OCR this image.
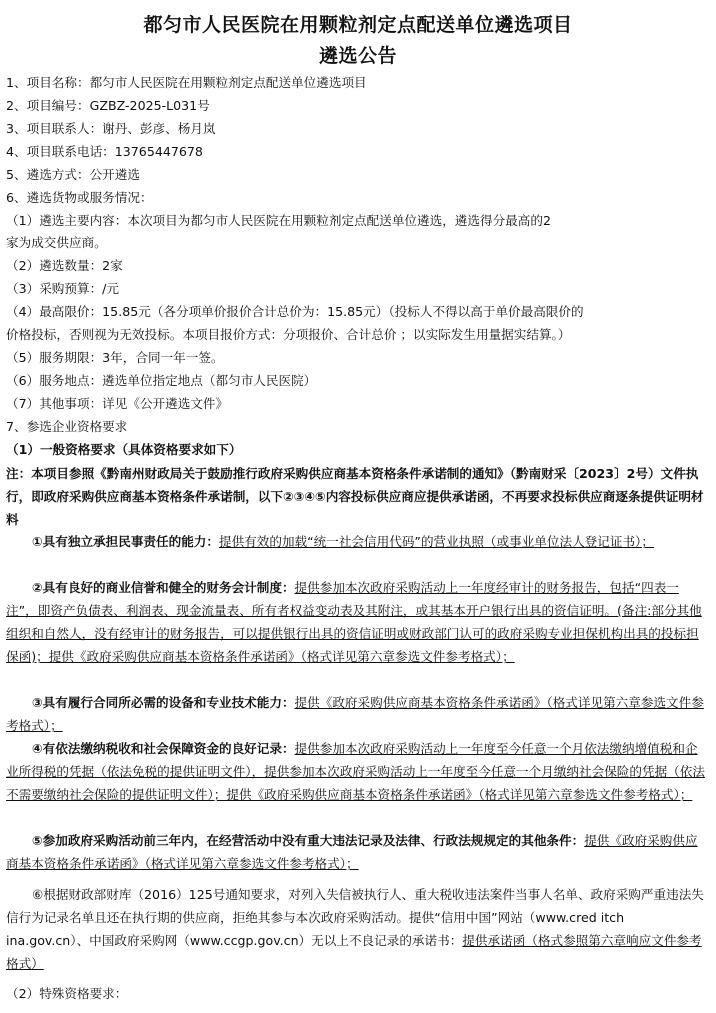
都匀市人民医院在用颗粒剂定点配送单位遴选项目
遴选公告
1、项目名称：都匀市人民医院在用颗粒剂定点配送单位遴选项目
2、项目编号：GZBZ-2025-L031号
3、项目联系人：谢丹、彭彦、杨月岚
4、项目联系电话：13765447678
5、遴选方式：公开遴选
6、遴选货物或服务情况：
（1）遴选主要内容：本次项目为都匀市人民医院在用颗粒剂定点配送单位遴选，遴选得分最高的2
家为成交供应商。
（2）遴选数量：2家
（3）采购预算：/元
（4）最高限价：15.85元（各分项单价报价合计总价为：15.85元）（投标人不得以高于单价最高限价的
价格投标，否则视为无效投标。本项目报价方式：分项报价、合计总价 ；以实际发生用量据实结算。）
（5）服务期限：3年，合同一年一签。
（6）服务地点：遴选单位指定地点（都匀市人民医院）
（7）其他事项：详见《公开遴选文件》
7、参选企业资格要求
（1）一般资格要求（具体资格要求如下）
注：本项目参照《黔南州财政局关于鼓励推行政府采购供应商基本资格条件承诺制的通知》（黔南财采〔2023〕2号）文件执行，即政府采购供应商基本资格条件承诺制，以下②③④⑤内容投标供应商应提供承诺函，不再要求投标供应商逐条提供证明材料
①具有独立承担民事责任的能力：提供有效的加载“统一社会信用代码”的营业执照（或事业单位法人登记证书）；
②具有良好的商业信誉和健全的财务会计制度：提供参加本次政府采购活动上一年度经审计的财务报告，包括“四表一注”，即资产负债表、利润表、现金流量表、所有者权益变动表及其附注，或其基本开户银行出具的资信证明。(备注:部分其他组织和自然人，没有经审计的财务报告，可以提供银行出具的资信证明或财政部门认可的政府采购专业担保机构出具的投标担保函)；提供《政府采购供应商基本资格条件承诺函》（格式详见第六章参选文件参考格式）；
③具有履行合同所必需的设备和专业技术能力：提供《政府采购供应商基本资格条件承诺函》（格式详见第六章参选文件参考格式）；
④有依法缴纳税收和社会保障资金的良好记录：提供参加本次政府采购活动上一年度至今任意一个月依法缴纳增值税和企业所得税的凭据（依法免税的提供证明文件），提供参加本次政府采购活动上一年度至今任意一个月缴纳社会保险的凭据（依法不需要缴纳社会保险的提供证明文件）；提供《政府采购供应商基本资格条件承诺函》（格式详见第六章参选文件参考格式）；
⑤参加政府采购活动前三年内，在经营活动中没有重大违法记录及法律、行政法规规定的其他条件：提供《政府采购供应商基本资格条件承诺函》（格式详见第六章参选文件参考格式）；
⑥根据财政部财库（2016）125号通知要求，对列入失信被执行人、重大税收违法案件当事人名单、政府采购严重违法失信行为记录名单且还在执行期的供应商，拒绝其参与本次政府采购活动。提供“信用中国”网站（www.cred itch ina.gov.cn）、中国政府采购网（www.ccgp.gov.cn）无以上不良记录的承诺书：提供承诺函（格式参照第六章响应文件参考格式）
（2）特殊资格要求：
